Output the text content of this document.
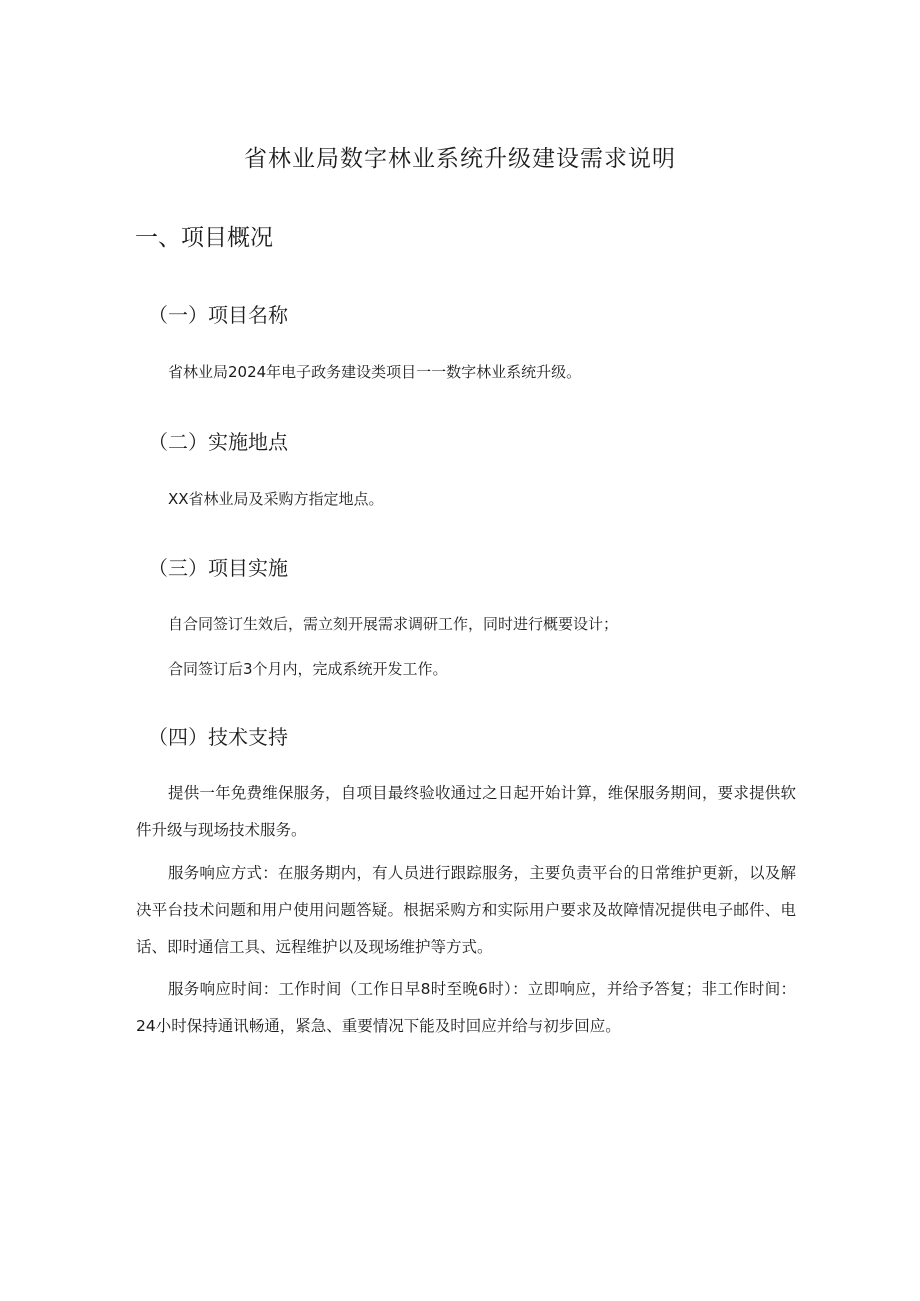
省林业局数字林业系统升级建设需求说明
一、项目概况
（一）项目名称
省林业局2024年电子政务建设类项目一一数字林业系统升级。
（二）实施地点
XX省林业局及采购方指定地点。
（三）项目实施
自合同签订生效后，需立刻开展需求调研工作，同时进行概要设计；
合同签订后3个月内，完成系统开发工作。
（四）技术支持

提供一年免费维保服务，自项目最终验收通过之日起开始计算，维保服务期间，要求提供软件升级与现场技术服务。

服务响应方式：在服务期内，有人员进行跟踪服务，主要负责平台的日常维护更新，以及解决平台技术问题和用户使用问题答疑。根据采购方和实际用户要求及故障情况提供电子邮件、电话、即时通信工具、远程维护以及现场维护等方式。

服务响应时间：工作时间（工作日早8时至晚6时）：立即响应，并给予答复；非工作时间：24小时保持通讯畅通，紧急、重要情况下能及时回应并给与初步回应。
